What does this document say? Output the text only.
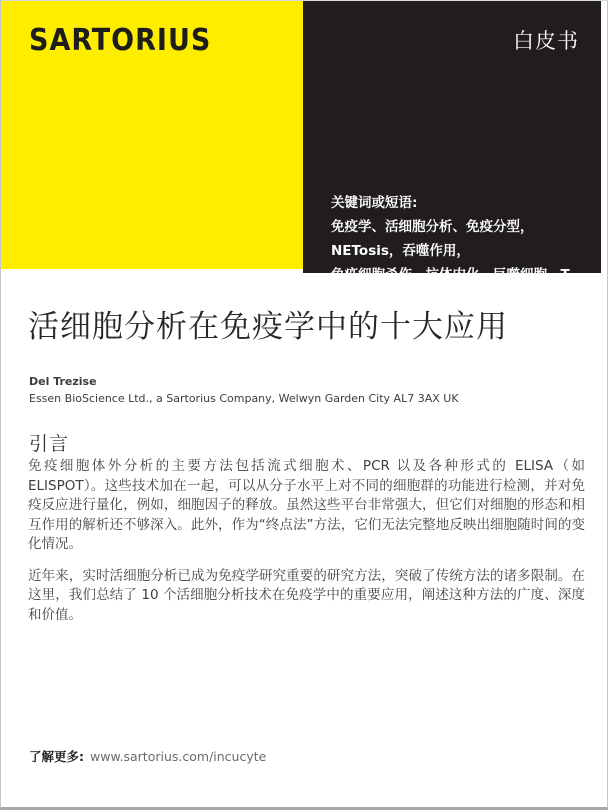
SARTORIUS	白皮书
关键词或短语:
免疫学、活细胞分析、免疫分型，NETosis，吞噬作用，
免疫细胞杀伤，抗体内化，巨噬细胞，T 细胞
活细胞分析在免疫学中的十大应用
Del Trezise
Essen BioScience Ltd., a Sartorius Company, Welwyn Garden City AL7 3AX UK
引言

免疫细胞体外分析的主要方法包括流式细胞术、PCR 以及各种形式的 ELISA（如 ELISPOT）。这些技术加在一起，可以从分子水平上对不同的细胞群的功能进行检测，并对免疫反应进行量化，例如，细胞因子的释放。虽然这些平台非常强大，但它们对细胞的形态和相互作用的解析还不够深入。此外，作为“终点法”方法，它们无法完整地反映出细胞随时间的变化情况。

近年来，实时活细胞分析已成为免疫学研究重要的研究方法，突破了传统方法的诸多限制。在这里，我们总结了 10 个活细胞分析技术在免疫学中的重要应用，阐述这种方法的广度、深度和价值。

了解更多: www.sartorius.com/incucyte
